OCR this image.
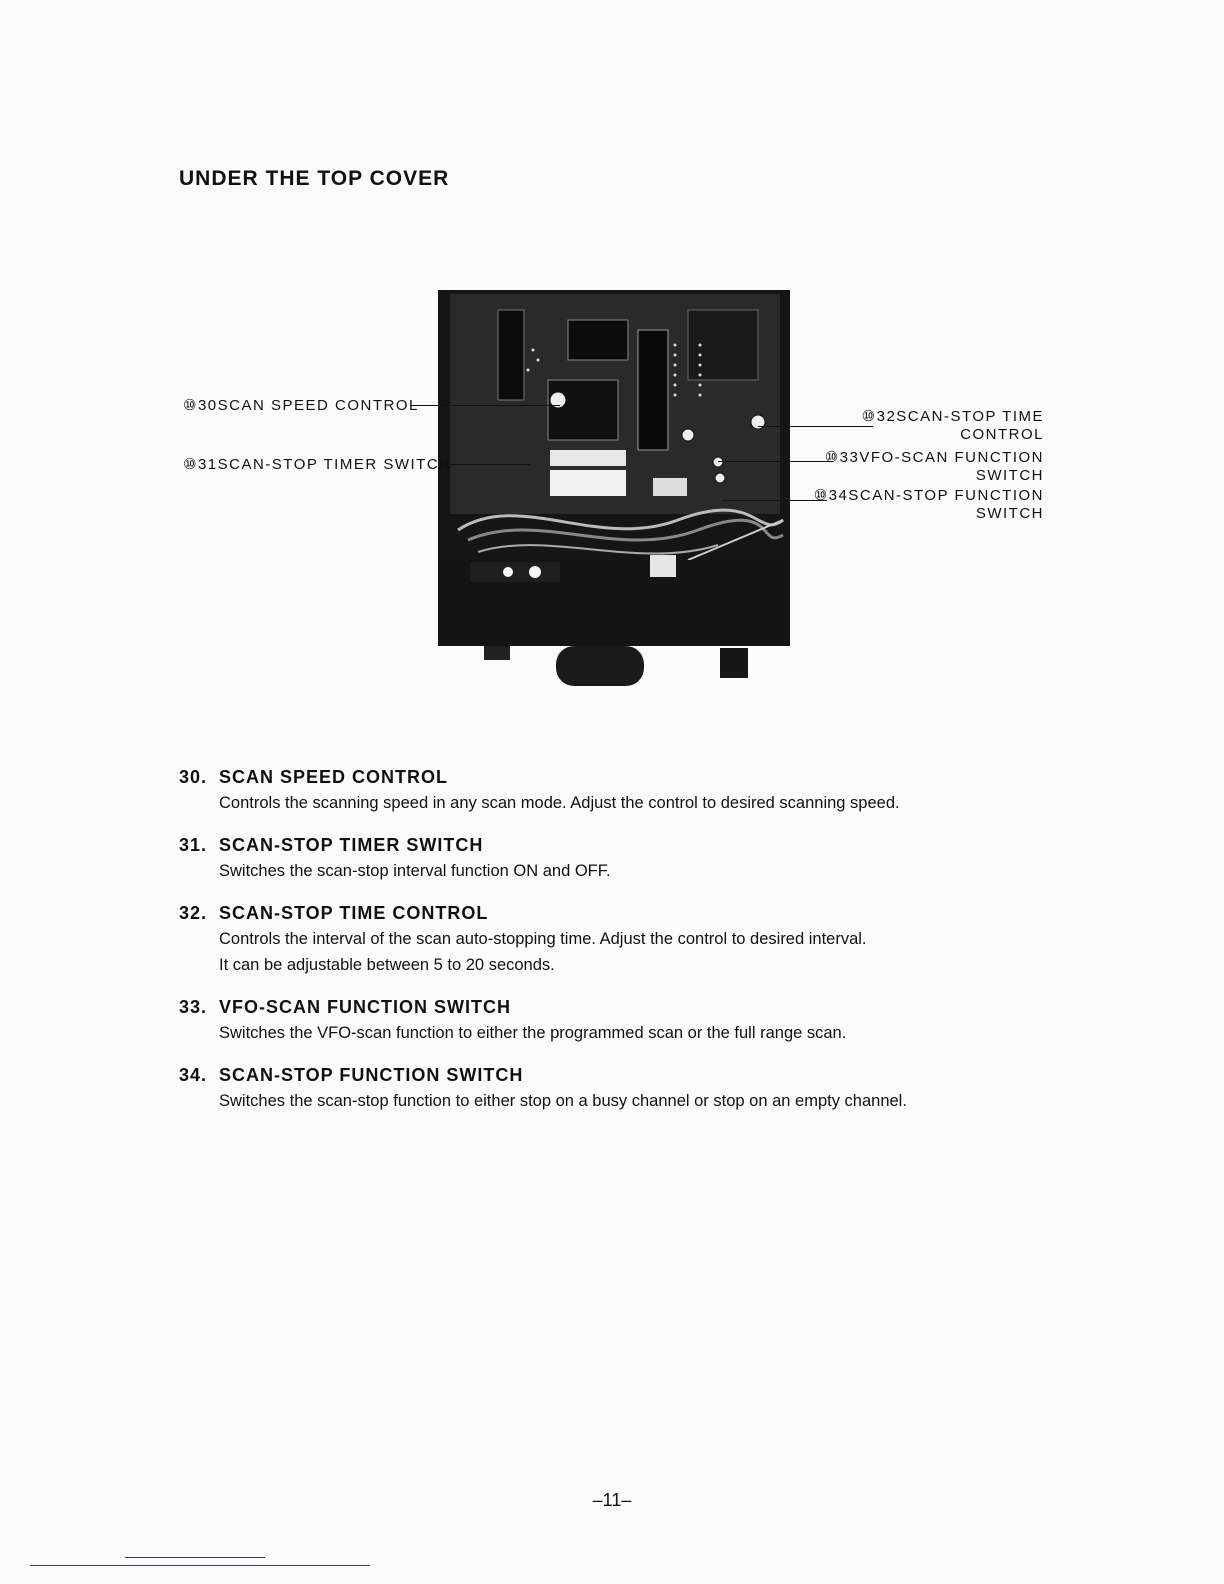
UNDER THE TOP COVER
⑩30SCAN SPEED CONTROL
⑩31SCAN-STOP TIMER SWITCH
⑩32SCAN-STOP TIME
CONTROL
⑩33VFO-SCAN FUNCTION
SWITCH
⑩34SCAN-STOP FUNCTION
SWITCH
30. SCAN SPEED CONTROL
Controls the scanning speed in any scan mode. Adjust the control to desired scanning speed.
31. SCAN-STOP TIMER SWITCH
Switches the scan-stop interval function ON and OFF.
32. SCAN-STOP TIME CONTROL
Controls the interval of the scan auto-stopping time. Adjust the control to desired interval.
It can be adjustable between 5 to 20 seconds.
33. VFO-SCAN FUNCTION SWITCH
Switches the VFO-scan function to either the programmed scan or the full range scan.
34. SCAN-STOP FUNCTION SWITCH
Switches the scan-stop function to either stop on a busy channel or stop on an empty channel.
–11–
